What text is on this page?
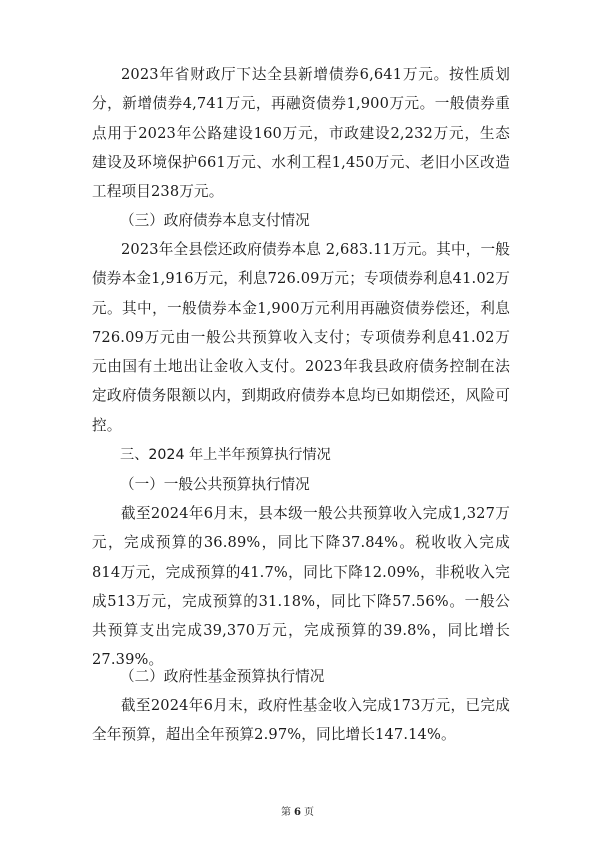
2023年省财政厅下达全县新增债券6,641万元。按性质划分，新增债券4,741万元，再融资债券1,900万元。一般债券重点用于2023年公路建设160万元，市政建设2,232万元，生态建设及环境保护661万元、水利工程1,450万元、老旧小区改造工程项目238万元。

（三）政府债券本息支付情况

2023年全县偿还政府债券本息 2,683.11万元。其中，一般债券本金1,916万元，利息726.09万元；专项债券利息41.02万元。其中，一般债券本金1,900万元利用再融资债券偿还，利息726.09万元由一般公共预算收入支付；专项债券利息41.02万元由国有土地出让金收入支付。2023年我县政府债务控制在法定政府债务限额以内，到期政府债券本息均已如期偿还，风险可控。

三、2024 年上半年预算执行情况
（一）一般公共预算执行情况

截至2024年6月末，县本级一般公共预算收入完成1,327万元，完成预算的36.89%，同比下降37.84%。税收收入完成814万元，完成预算的41.7%，同比下降12.09%，非税收入完成513万元，完成预算的31.18%，同比下降57.56%。一般公共预算支出完成39,370万元，完成预算的39.8%，同比增长27.39%。

（二）政府性基金预算执行情况

截至2024年6月末，政府性基金收入完成173万元，已完成全年预算，超出全年预算2.97%，同比增长147.14%。

第 6 页
